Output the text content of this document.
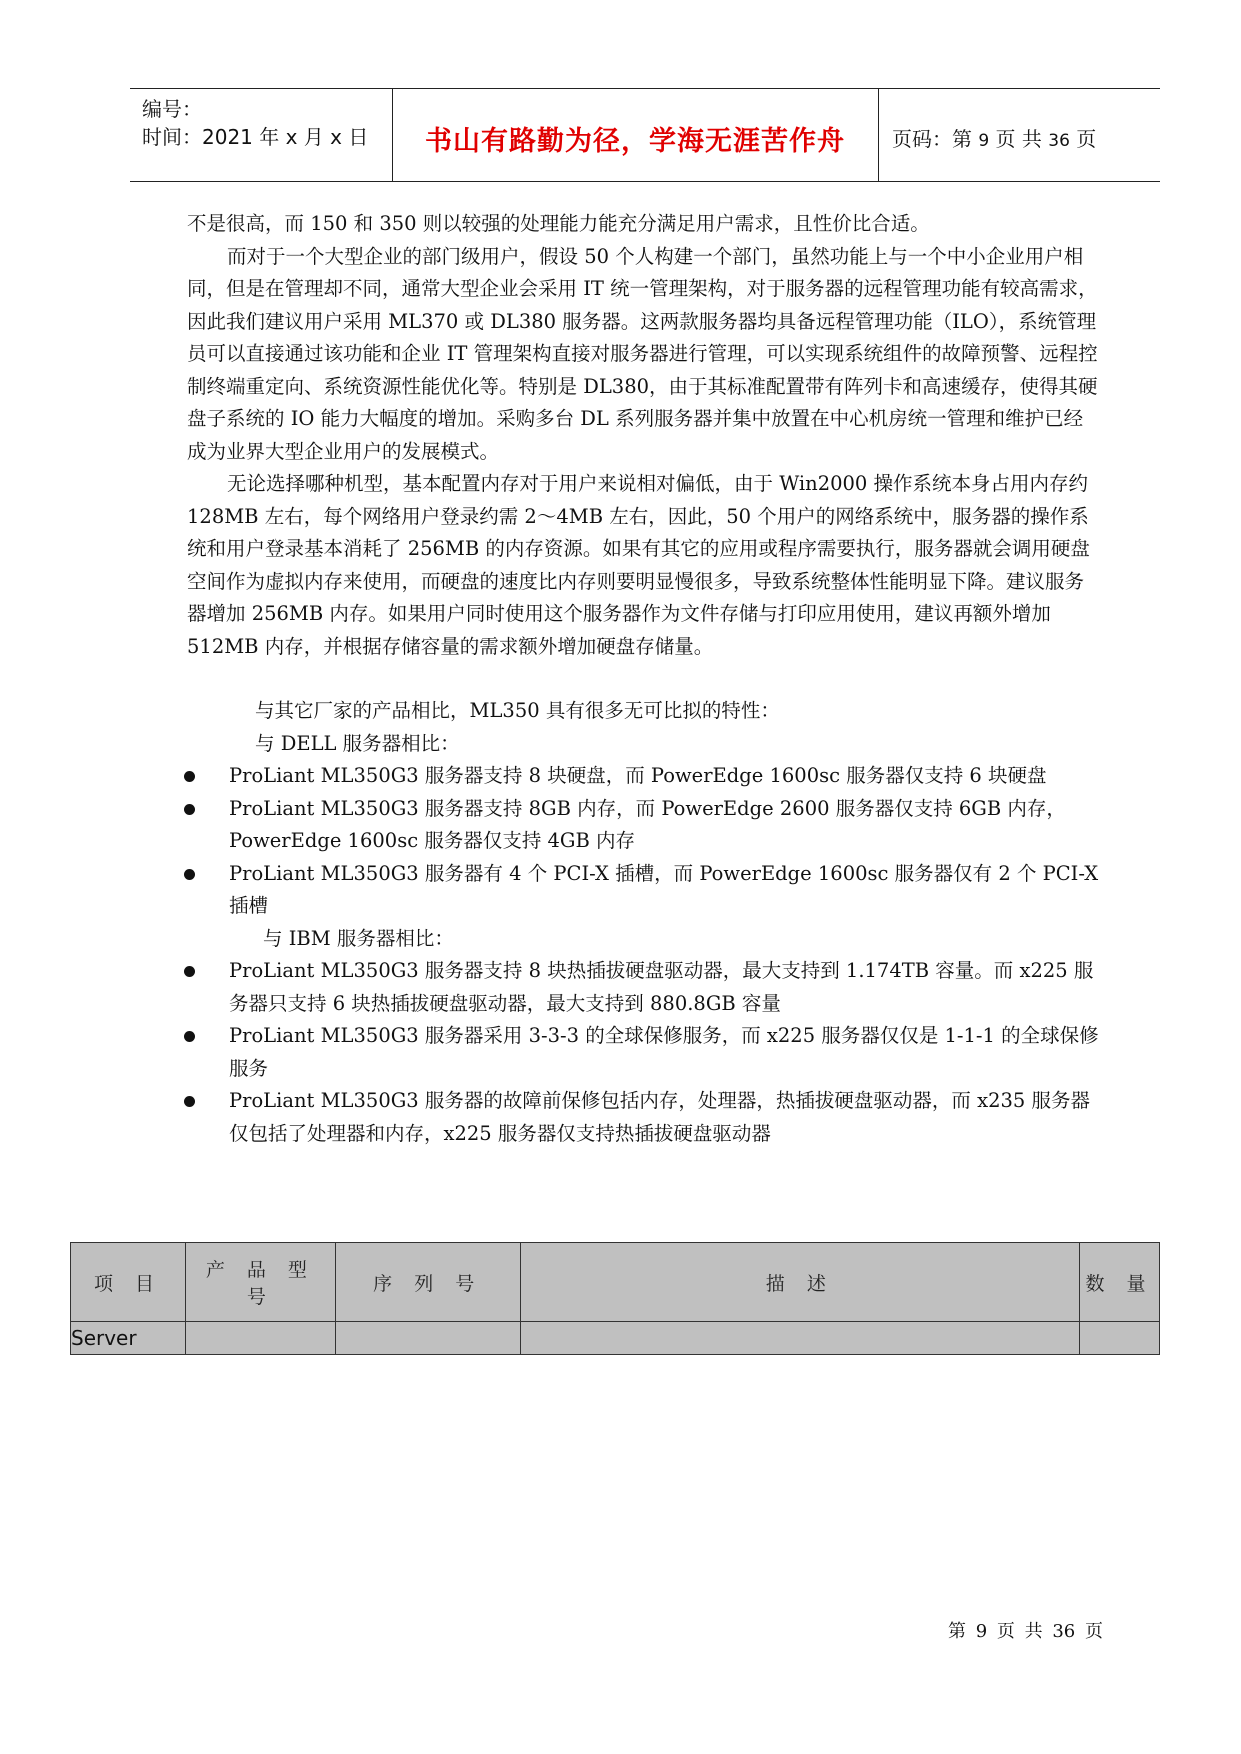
编号：
时间：2021 年 x 月 x 日	书山有路勤为径，学海无涯苦作舟	页码：第 9 页 共 36 页

不是很高，而 150 和 350 则以较强的处理能力能充分满足用户需求，且性价比合适。

而对于一个大型企业的部门级用户，假设 50 个人构建一个部门，虽然功能上与一个中小企业用户相同，但是在管理却不同，通常大型企业会采用 IT 统一管理架构，对于服务器的远程管理功能有较高需求，因此我们建议用户采用 ML370 或 DL380 服务器。这两款服务器均具备远程管理功能（ILO），系统管理员可以直接通过该功能和企业 IT 管理架构直接对服务器进行管理，可以实现系统组件的故障预警、远程控制终端重定向、系统资源性能优化等。特别是 DL380，由于其标准配置带有阵列卡和高速缓存，使得其硬盘子系统的 IO 能力大幅度的增加。采购多台 DL 系列服务器并集中放置在中心机房统一管理和维护已经成为业界大型企业用户的发展模式。

无论选择哪种机型，基本配置内存对于用户来说相对偏低，由于 Win2000 操作系统本身占用内存约 128MB 左右，每个网络用户登录约需 2～4MB 左右，因此，50 个用户的网络系统中，服务器的操作系统和用户登录基本消耗了 256MB 的内存资源。如果有其它的应用或程序需要执行，服务器就会调用硬盘空间作为虚拟内存来使用，而硬盘的速度比内存则要明显慢很多，导致系统整体性能明显下降。建议服务器增加 256MB 内存。如果用户同时使用这个服务器作为文件存储与打印应用使用，建议再额外增加 512MB 内存，并根据存储容量的需求额外增加硬盘存储量。

与其它厂家的产品相比，ML350 具有很多无可比拟的特性：

与 DELL 服务器相比：

ProLiant ML350G3 服务器支持 8 块硬盘，而 PowerEdge 1600sc 服务器仅支持 6 块硬盘
ProLiant ML350G3 服务器支持 8GB 内存，而 PowerEdge 2600 服务器仅支持 6GB 内存，PowerEdge 1600sc 服务器仅支持 4GB 内存
ProLiant ML350G3 服务器有 4 个 PCI-X 插槽，而 PowerEdge 1600sc 服务器仅有 2 个 PCI-X 插槽

与 IBM 服务器相比：

ProLiant ML350G3 服务器支持 8 块热插拔硬盘驱动器，最大支持到 1.174TB 容量。而 x225 服务器只支持 6 块热插拔硬盘驱动器，最大支持到 880.8GB 容量
ProLiant ML350G3 服务器采用 3-3-3 的全球保修服务，而 x225 服务器仅仅是 1-1-1 的全球保修服务
ProLiant ML350G3 服务器的故障前保修包括内存，处理器，热插拔硬盘驱动器，而 x235 服务器仅包括了处理器和内存，x225 服务器仅支持热插拔硬盘驱动器
项 目	产 品 型 号	序 列 号	描 述	数 量
Server				
第 9 页 共 36 页
